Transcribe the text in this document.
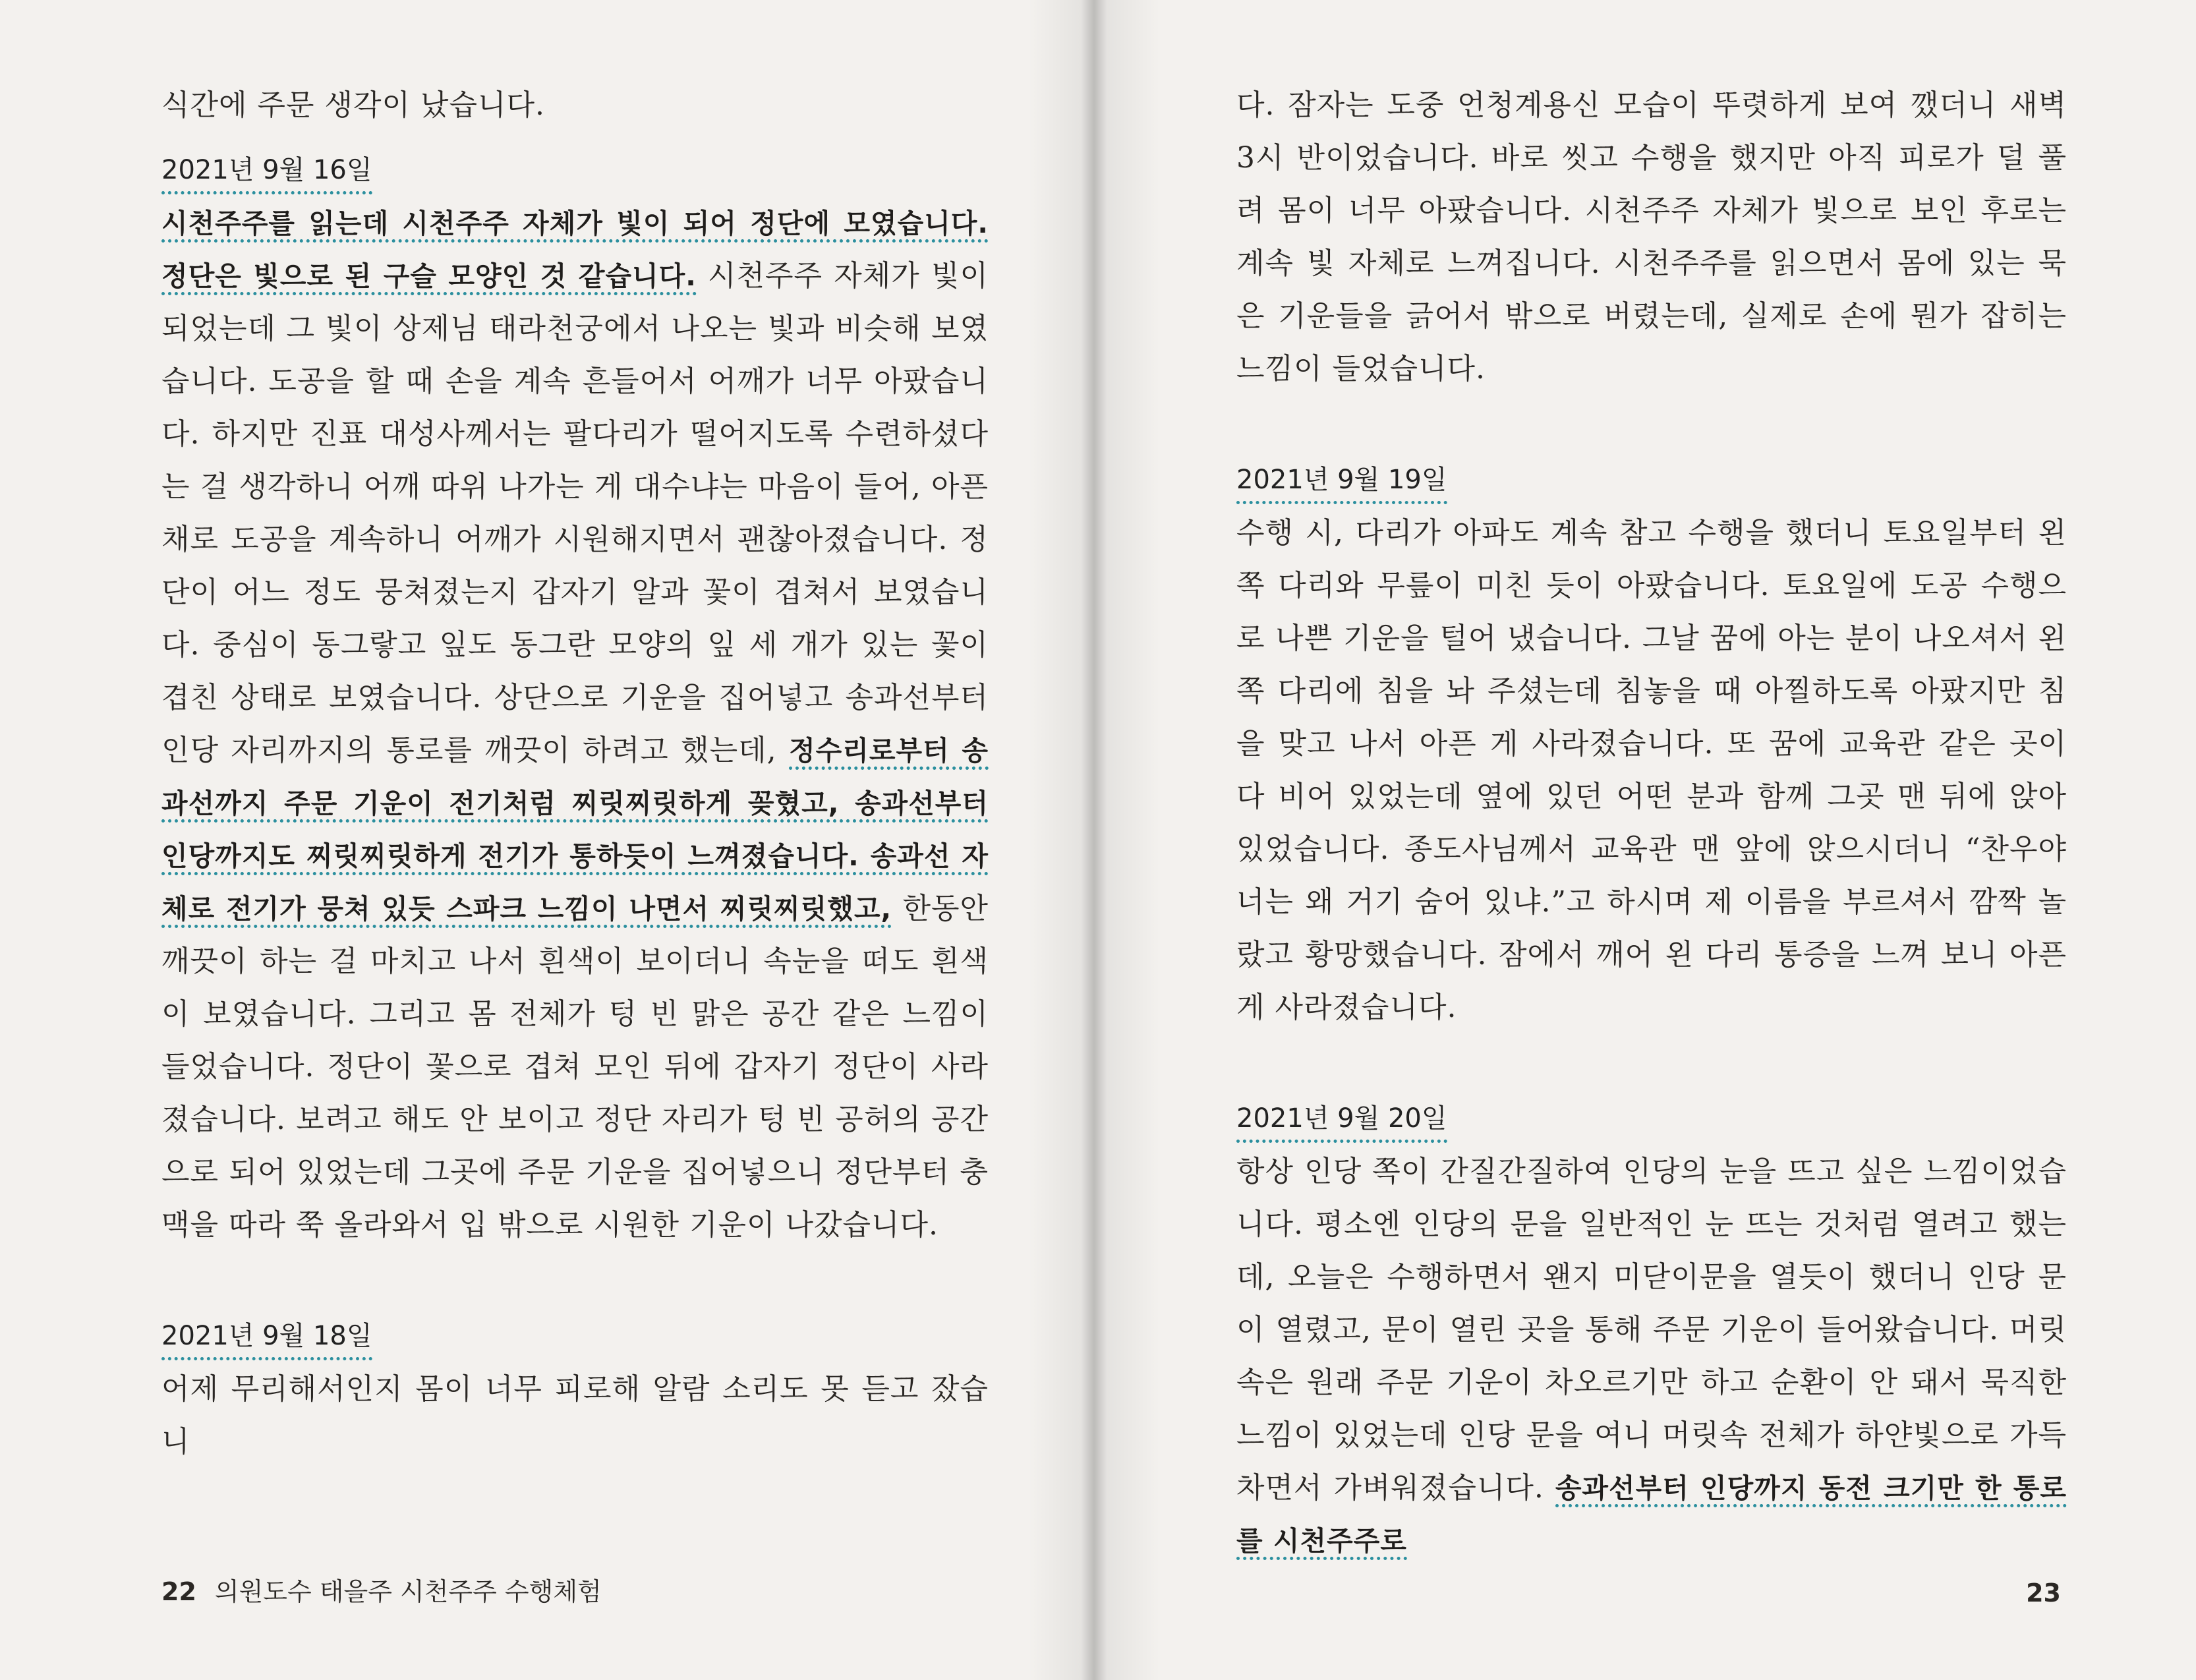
식간에 주문 생각이 났습니다.

2021년 9월 16일

시천주주를 읽는데 시천주주 자체가 빛이 되어 정단에 모였습니다. 정단은 빛으로 된 구슬 모양인 것 같습니다. 시천주주 자체가 빛이 되었는데 그 빛이 상제님 태라천궁에서 나오는 빛과 비슷해 보였습니다. 도공을 할 때 손을 계속 흔들어서 어깨가 너무 아팠습니다. 하지만 진표 대성사께서는 팔다리가 떨어지도록 수련하셨다는 걸 생각하니 어깨 따위 나가는 게 대수냐는 마음이 들어, 아픈 채로 도공을 계속하니 어깨가 시원해지면서 괜찮아졌습니다. 정단이 어느 정도 뭉쳐졌는지 갑자기 알과 꽃이 겹쳐서 보였습니다. 중심이 동그랗고 잎도 동그란 모양의 잎 세 개가 있는 꽃이 겹친 상태로 보였습니다. 상단으로 기운을 집어넣고 송과선부터 인당 자리까지의 통로를 깨끗이 하려고 했는데, 정수리로부터 송과선까지 주문 기운이 전기처럼 찌릿찌릿하게 꽂혔고, 송과선부터 인당까지도 찌릿찌릿하게 전기가 통하듯이 느껴졌습니다. 송과선 자체로 전기가 뭉쳐 있듯 스파크 느낌이 나면서 찌릿찌릿했고, 한동안 깨끗이 하는 걸 마치고 나서 흰색이 보이더니 속눈을 떠도 흰색이 보였습니다. 그리고 몸 전체가 텅 빈 맑은 공간 같은 느낌이 들었습니다. 정단이 꽃으로 겹쳐 모인 뒤에 갑자기 정단이 사라졌습니다. 보려고 해도 안 보이고 정단 자리가 텅 빈 공허의 공간으로 되어 있었는데 그곳에 주문 기운을 집어넣으니 정단부터 충맥을 따라 쭉 올라와서 입 밖으로 시원한 기운이 나갔습니다.

2021년 9월 18일

어제 무리해서인지 몸이 너무 피로해 알람 소리도 못 듣고 잤습니

22 의원도수 태을주 시천주주 수행체험

다. 잠자는 도중 언청계용신 모습이 뚜렷하게 보여 깼더니 새벽 3시 반이었습니다. 바로 씻고 수행을 했지만 아직 피로가 덜 풀려 몸이 너무 아팠습니다. 시천주주 자체가 빛으로 보인 후로는 계속 빛 자체로 느껴집니다. 시천주주를 읽으면서 몸에 있는 묵은 기운들을 긁어서 밖으로 버렸는데, 실제로 손에 뭔가 잡히는 느낌이 들었습니다.

2021년 9월 19일

수행 시, 다리가 아파도 계속 참고 수행을 했더니 토요일부터 왼쪽 다리와 무릎이 미친 듯이 아팠습니다. 토요일에 도공 수행으로 나쁜 기운을 털어 냈습니다. 그날 꿈에 아는 분이 나오셔서 왼쪽 다리에 침을 놔 주셨는데 침놓을 때 아찔하도록 아팠지만 침을 맞고 나서 아픈 게 사라졌습니다. 또 꿈에 교육관 같은 곳이 다 비어 있었는데 옆에 있던 어떤 분과 함께 그곳 맨 뒤에 앉아 있었습니다. 종도사님께서 교육관 맨 앞에 앉으시더니 “찬우야 너는 왜 거기 숨어 있냐.”고 하시며 제 이름을 부르셔서 깜짝 놀랐고 황망했습니다. 잠에서 깨어 왼 다리 통증을 느껴 보니 아픈 게 사라졌습니다.

2021년 9월 20일

항상 인당 쪽이 간질간질하여 인당의 눈을 뜨고 싶은 느낌이었습니다. 평소엔 인당의 문을 일반적인 눈 뜨는 것처럼 열려고 했는데, 오늘은 수행하면서 왠지 미닫이문을 열듯이 했더니 인당 문이 열렸고, 문이 열린 곳을 통해 주문 기운이 들어왔습니다. 머릿속은 원래 주문 기운이 차오르기만 하고 순환이 안 돼서 묵직한 느낌이 있었는데 인당 문을 여니 머릿속 전체가 하얀빛으로 가득 차면서 가벼워졌습니다. 송과선부터 인당까지 동전 크기만 한 통로를 시천주주로

23
